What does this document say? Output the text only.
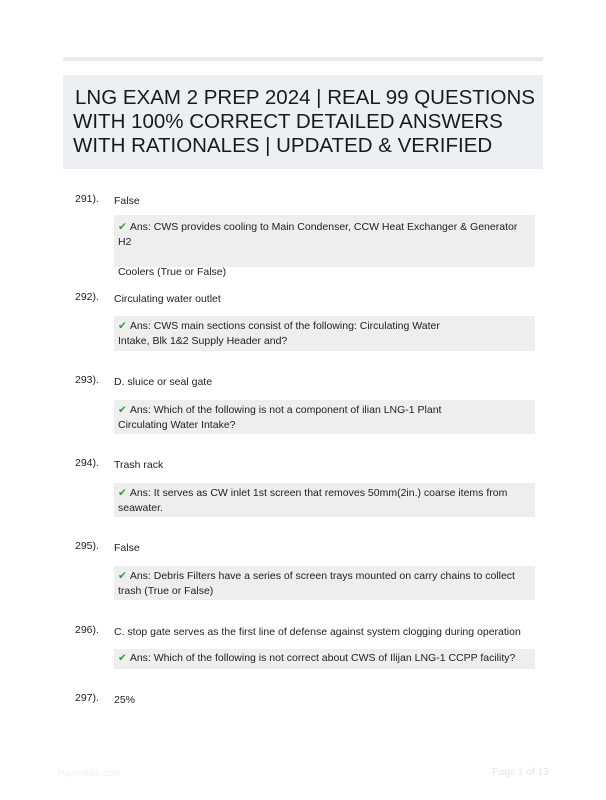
LNG EXAM 2 PREP 2024 | REAL 99 QUESTIONS
WITH 100% CORRECT DETAILED ANSWERS
WITH RATIONALES | UPDATED & VERIFIED
291). False
✔ Ans: CWS provides cooling to Main Condenser, CCW Heat Exchanger & Generator H2
Coolers (True or False)
292). Circulating water outlet
✔ Ans: CWS main sections consist of the following: Circulating Water
Intake, Blk 1&2 Supply Header and?
293). D. sluice or seal gate
✔ Ans: Which of the following is not a component of ilian LNG-1 Plant
Circulating Water Intake?
294). Trash rack
✔ Ans: It serves as CW inlet 1st screen that removes 50mm(2in.) coarse items from
seawater.
295). False
✔ Ans: Debris Filters have a series of screen trays mounted on carry chains to collect
trash (True or False)
296). C. stop gate serves as the first line of defense against system clogging during operation
✔ Ans: Which of the following is not correct about CWS of Ilijan LNG-1 CCPP facility?
297). 25%
Papertblic.com	Page 1 of 13
